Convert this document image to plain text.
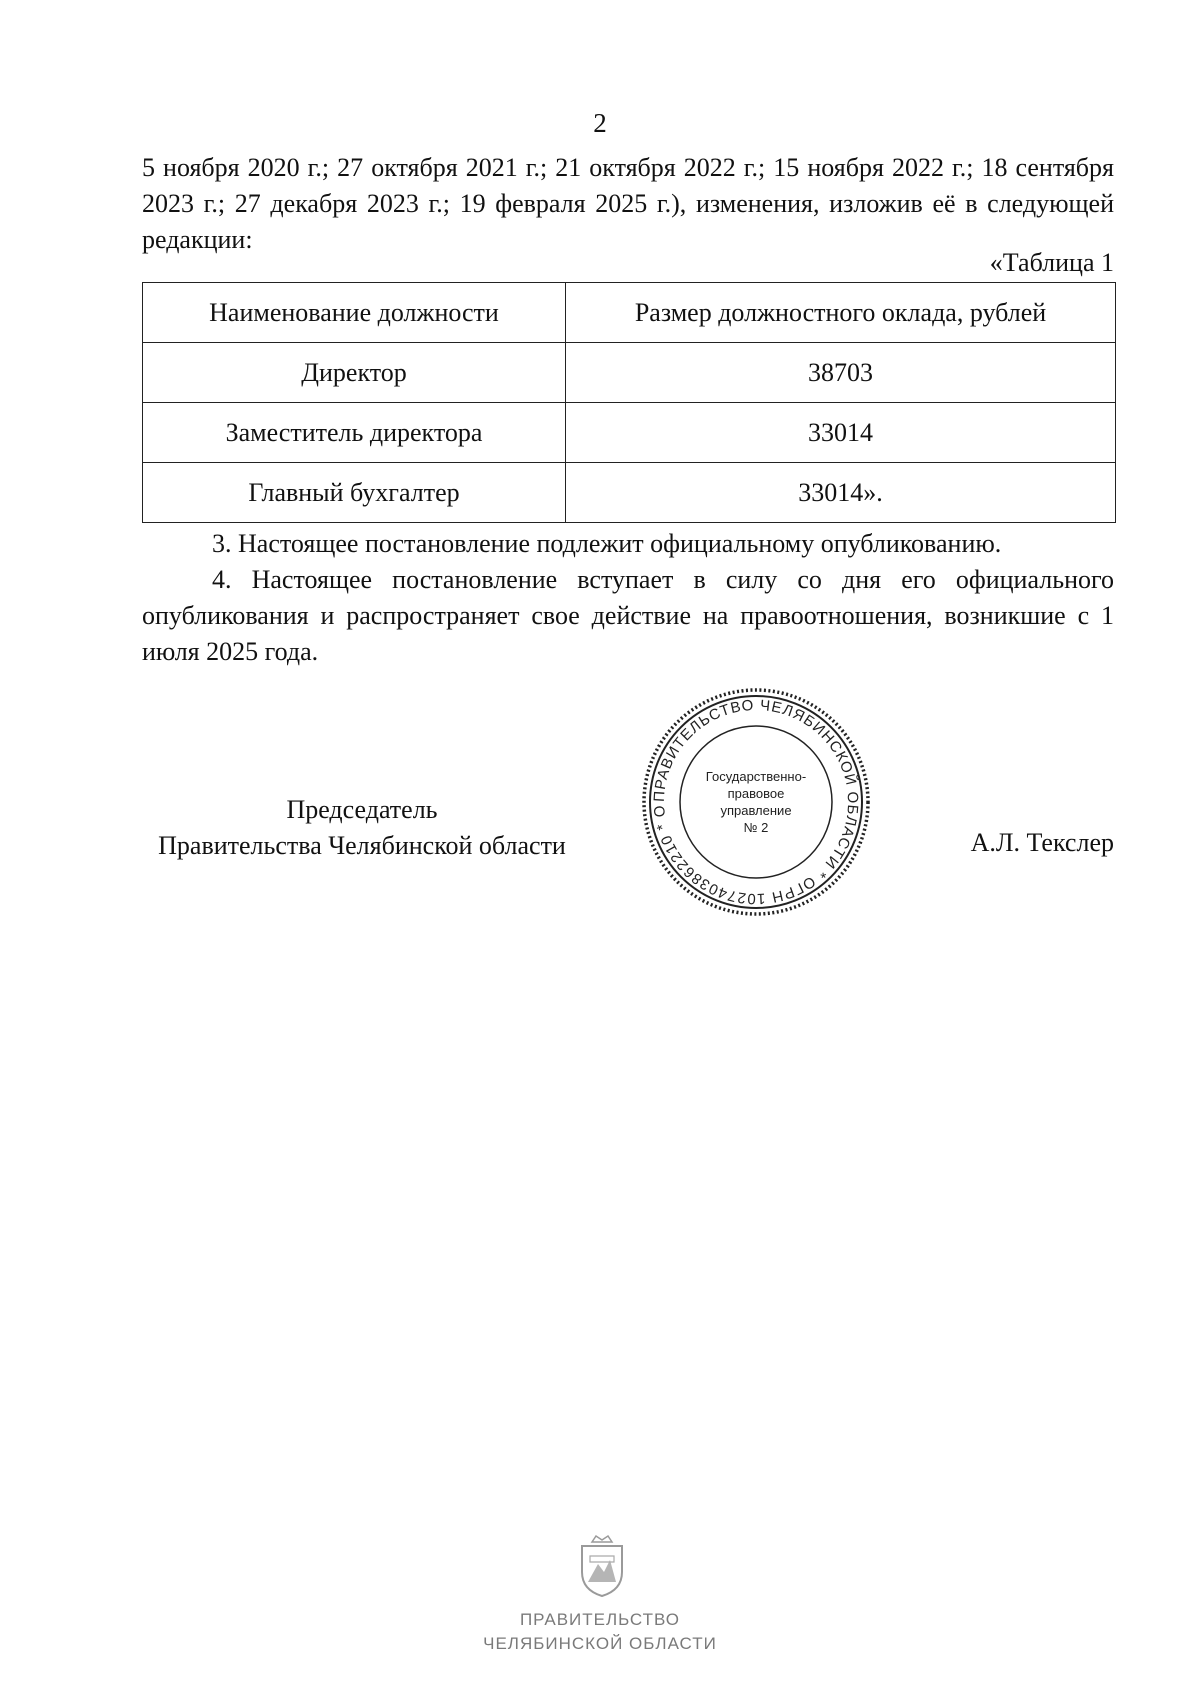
2
5 ноября 2020 г.; 27 октября 2021 г.; 21 октября 2022 г.; 15 ноября 2022 г.; 18 сентября 2023 г.; 27 декабря 2023 г.; 19 февраля 2025 г.), изменения, изложив её в следующей редакции:
«Таблица 1
Наименование должности	Размер должностного оклада, рублей
Директор	38703
Заместитель директора	33014
Главный бухгалтер	33014».
3. Настоящее постановление подлежит официальному опубликованию.
4. Настоящее постановление вступает в силу со дня его официального опубликования и распространяет свое действие на правоотношения, возникшие с 1 июля 2025 года.
Председатель
Правительства Челябинской области	А.Л. Текслер
ПРАВИТЕЛЬСТВО ЧЕЛЯБИНСКОЙ ОБЛАСТИ * ОГРН 1027403862210 * О
Государственно-
правовое
управление
№ 2
ПРАВИТЕЛЬСТВО
ЧЕЛЯБИНСКОЙ ОБЛАСТИ
